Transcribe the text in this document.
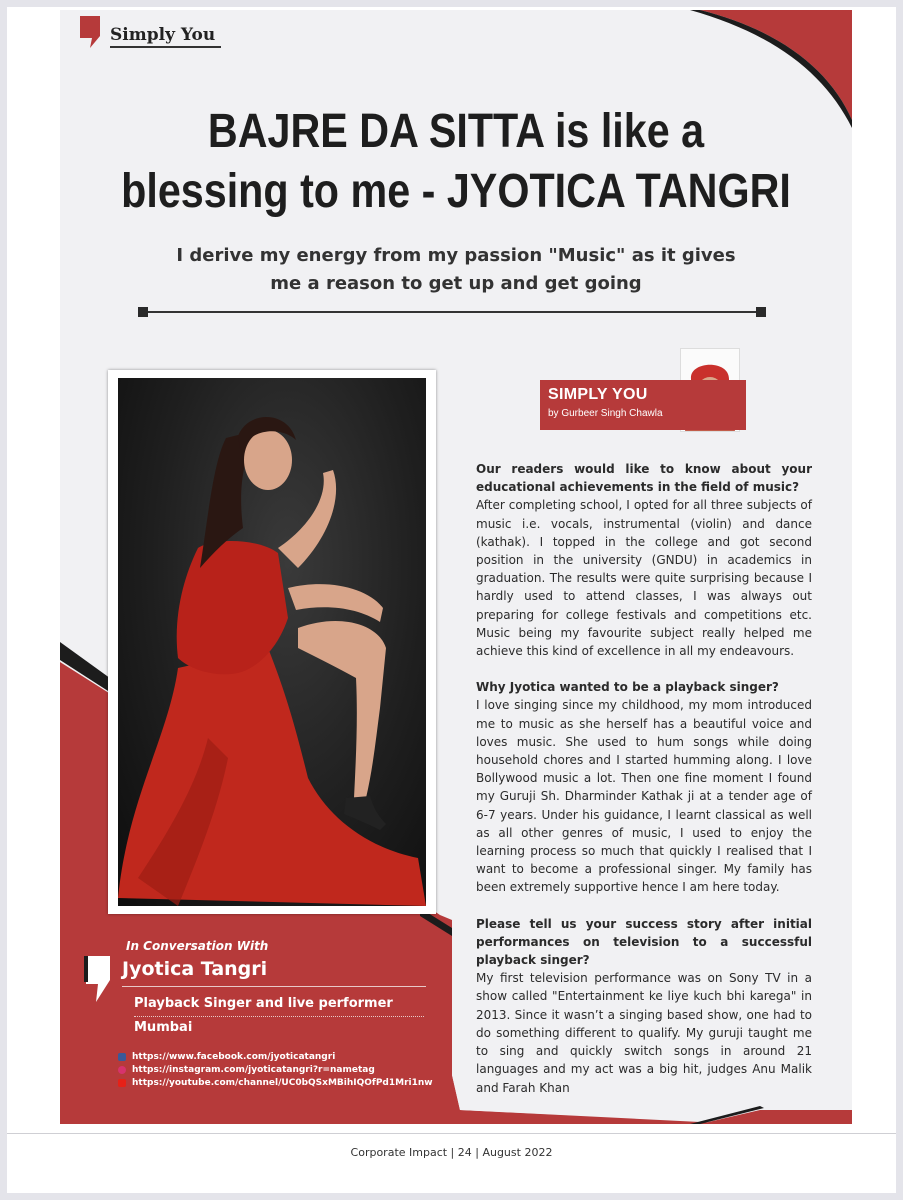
Simply You
BAJRE DA SITTA is like a
blessing to me - JYOTICA TANGRI
I derive my energy from my passion "Music" as it gives me a reason to get up and get going
SIMPLY YOU
by Gurbeer Singh Chawla

Our readers would like to know about your educational achievements in the field of music?
After completing school, I opted for all three subjects of music i.e. vocals, instrumental (violin) and dance (kathak). I topped in the college and got second position in the university (GNDU) in academics in graduation. The results were quite surprising because I hardly used to attend classes, I was always out preparing for college festivals and competitions etc. Music being my favourite subject really helped me achieve this kind of excellence in all my endeavours.

Why Jyotica wanted to be a playback singer?
I love singing since my childhood, my mom introduced me to music as she herself has a beautiful voice and loves music. She used to hum songs while doing household chores and I started humming along. I love Bollywood music a lot. Then one fine moment I found my Guruji Sh. Dharminder Kathak ji at a tender age of 6-7 years. Under his guidance, I learnt classical as well as all other genres of music, I used to enjoy the learning process so much that quickly I realised that I want to become a professional singer. My family has been extremely supportive hence I am here today.

Please tell us your success story after initial performances on television to a successful playback singer?
My first television performance was on Sony TV in a show called "Entertainment ke liye kuch bhi karega" in 2013. Since it wasn’t a singing based show, one had to do something different to qualify. My guruji taught me to sing and quickly switch songs in around 21 languages and my act was a big hit, judges Anu Malik and Farah Khan

In Conversation With
Jyotica Tangri
Playback Singer and live performer
Mumbai
https://www.facebook.com/jyoticatangri
https://instagram.com/jyoticatangri?r=nametag
https://youtube.com/channel/UC0bQSxMBihIQOfPd1Mri1nw
Corporate Impact | 24 | August 2022
